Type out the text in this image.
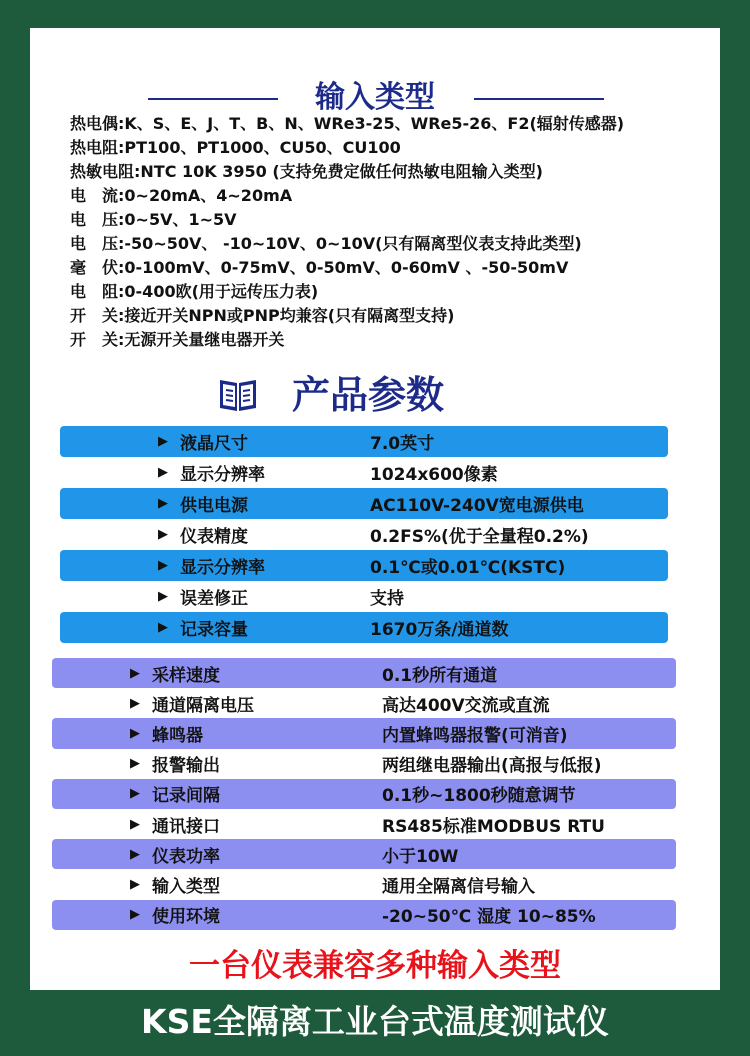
输入类型
热电偶: K、S、E、J、T、B、N、WRe3-25、WRe5-26、F2(辐射传感器)
热电阻: PT100、PT1000、CU50、CU100
热敏电阻: NTC 10K 3950 (支持免费定做任何热敏电阻输入类型)
电　流: 0~20mA、4~20mA
电　压: 0~5V、1~5V
电　压: -50~50V、 -10~10V、0~10V(只有隔离型仪表支持此类型)
毫　伏: 0-100mV、0-75mV、0-50mV、0-60mV 、-50-50mV
电　阻: 0-400欧(用于远传压力表)
开　关: 接近开关NPN或PNP均兼容(只有隔离型支持)
开　关: 无源开关量继电器开关
产品参数
▶ 液晶尺寸	7.0英寸
▶ 显示分辨率	1024x600像素
▶ 供电电源	AC110V-240V宽电源供电
▶ 仪表精度	0.2FS%(优于全量程0.2%)
▶ 显示分辨率	0.1℃或0.01℃(KSTC)
▶ 误差修正	支持
▶ 记录容量	1670万条/通道数
▶ 采样速度	0.1秒所有通道
▶ 通道隔离电压	高达400V交流或直流
▶ 蜂鸣器	内置蜂鸣器报警(可消音)
▶ 报警输出	两组继电器输出(高报与低报)
▶ 记录间隔	0.1秒~1800秒随意调节
▶ 通讯接口	RS485标准MODBUS RTU
▶ 仪表功率	小于10W
▶ 输入类型	通用全隔离信号输入
▶ 使用环境	-20~50℃ 湿度 10~85%
一台仪表兼容多种输入类型
KSE全隔离工业台式温度测试仪
